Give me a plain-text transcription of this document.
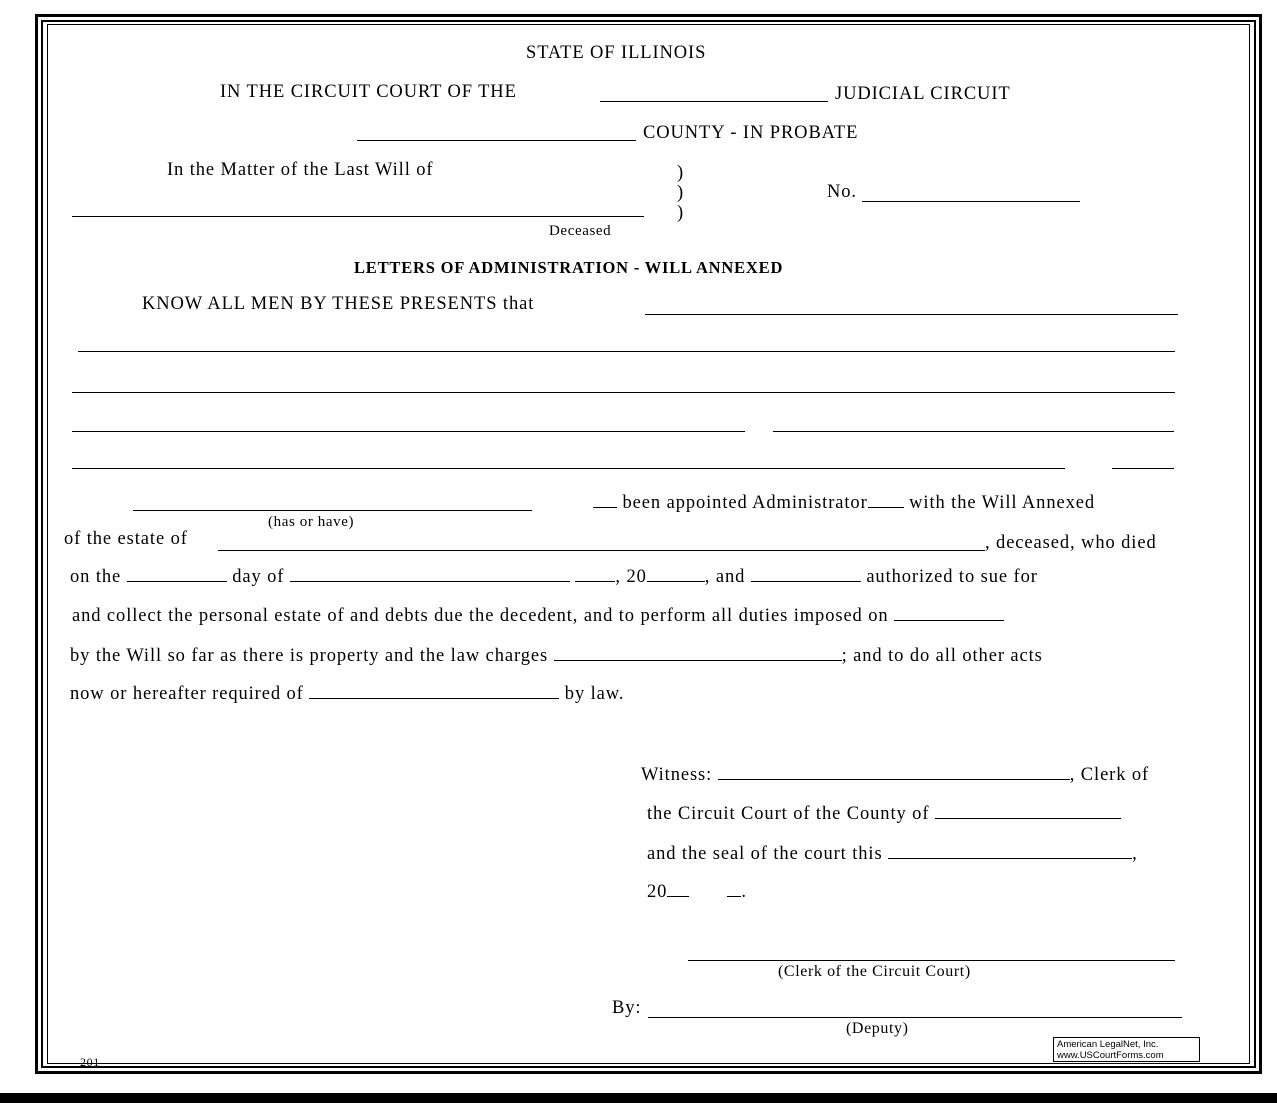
STATE OF ILLINOIS
IN THE CIRCUIT COURT OF THE	JUDICIAL CIRCUIT
COUNTY - IN PROBATE
In the Matter of the Last Will of	)
)
)
No.
Deceased
LETTERS OF ADMINISTRATION - WILL ANNEXED
KNOW ALL MEN BY THESE PRESENTS that
been appointed Administrator with the Will Annexed
(has or have)
of the estate of	, deceased, who died
on the	day of	, 20	, and	authorized to sue for
and collect the personal estate of and debts due the decedent, and to perform all duties imposed on
by the Will so far as there is property and the law charges	; and to do all other acts
now or hereafter required of	by law.
Witness:	, Clerk of
the Circuit Court of the County of
and the seal of the court this	,
20	.
(Clerk of the Circuit Court)
By:
(Deputy)
201
American LegalNet, Inc.
www.USCourtForms.com
